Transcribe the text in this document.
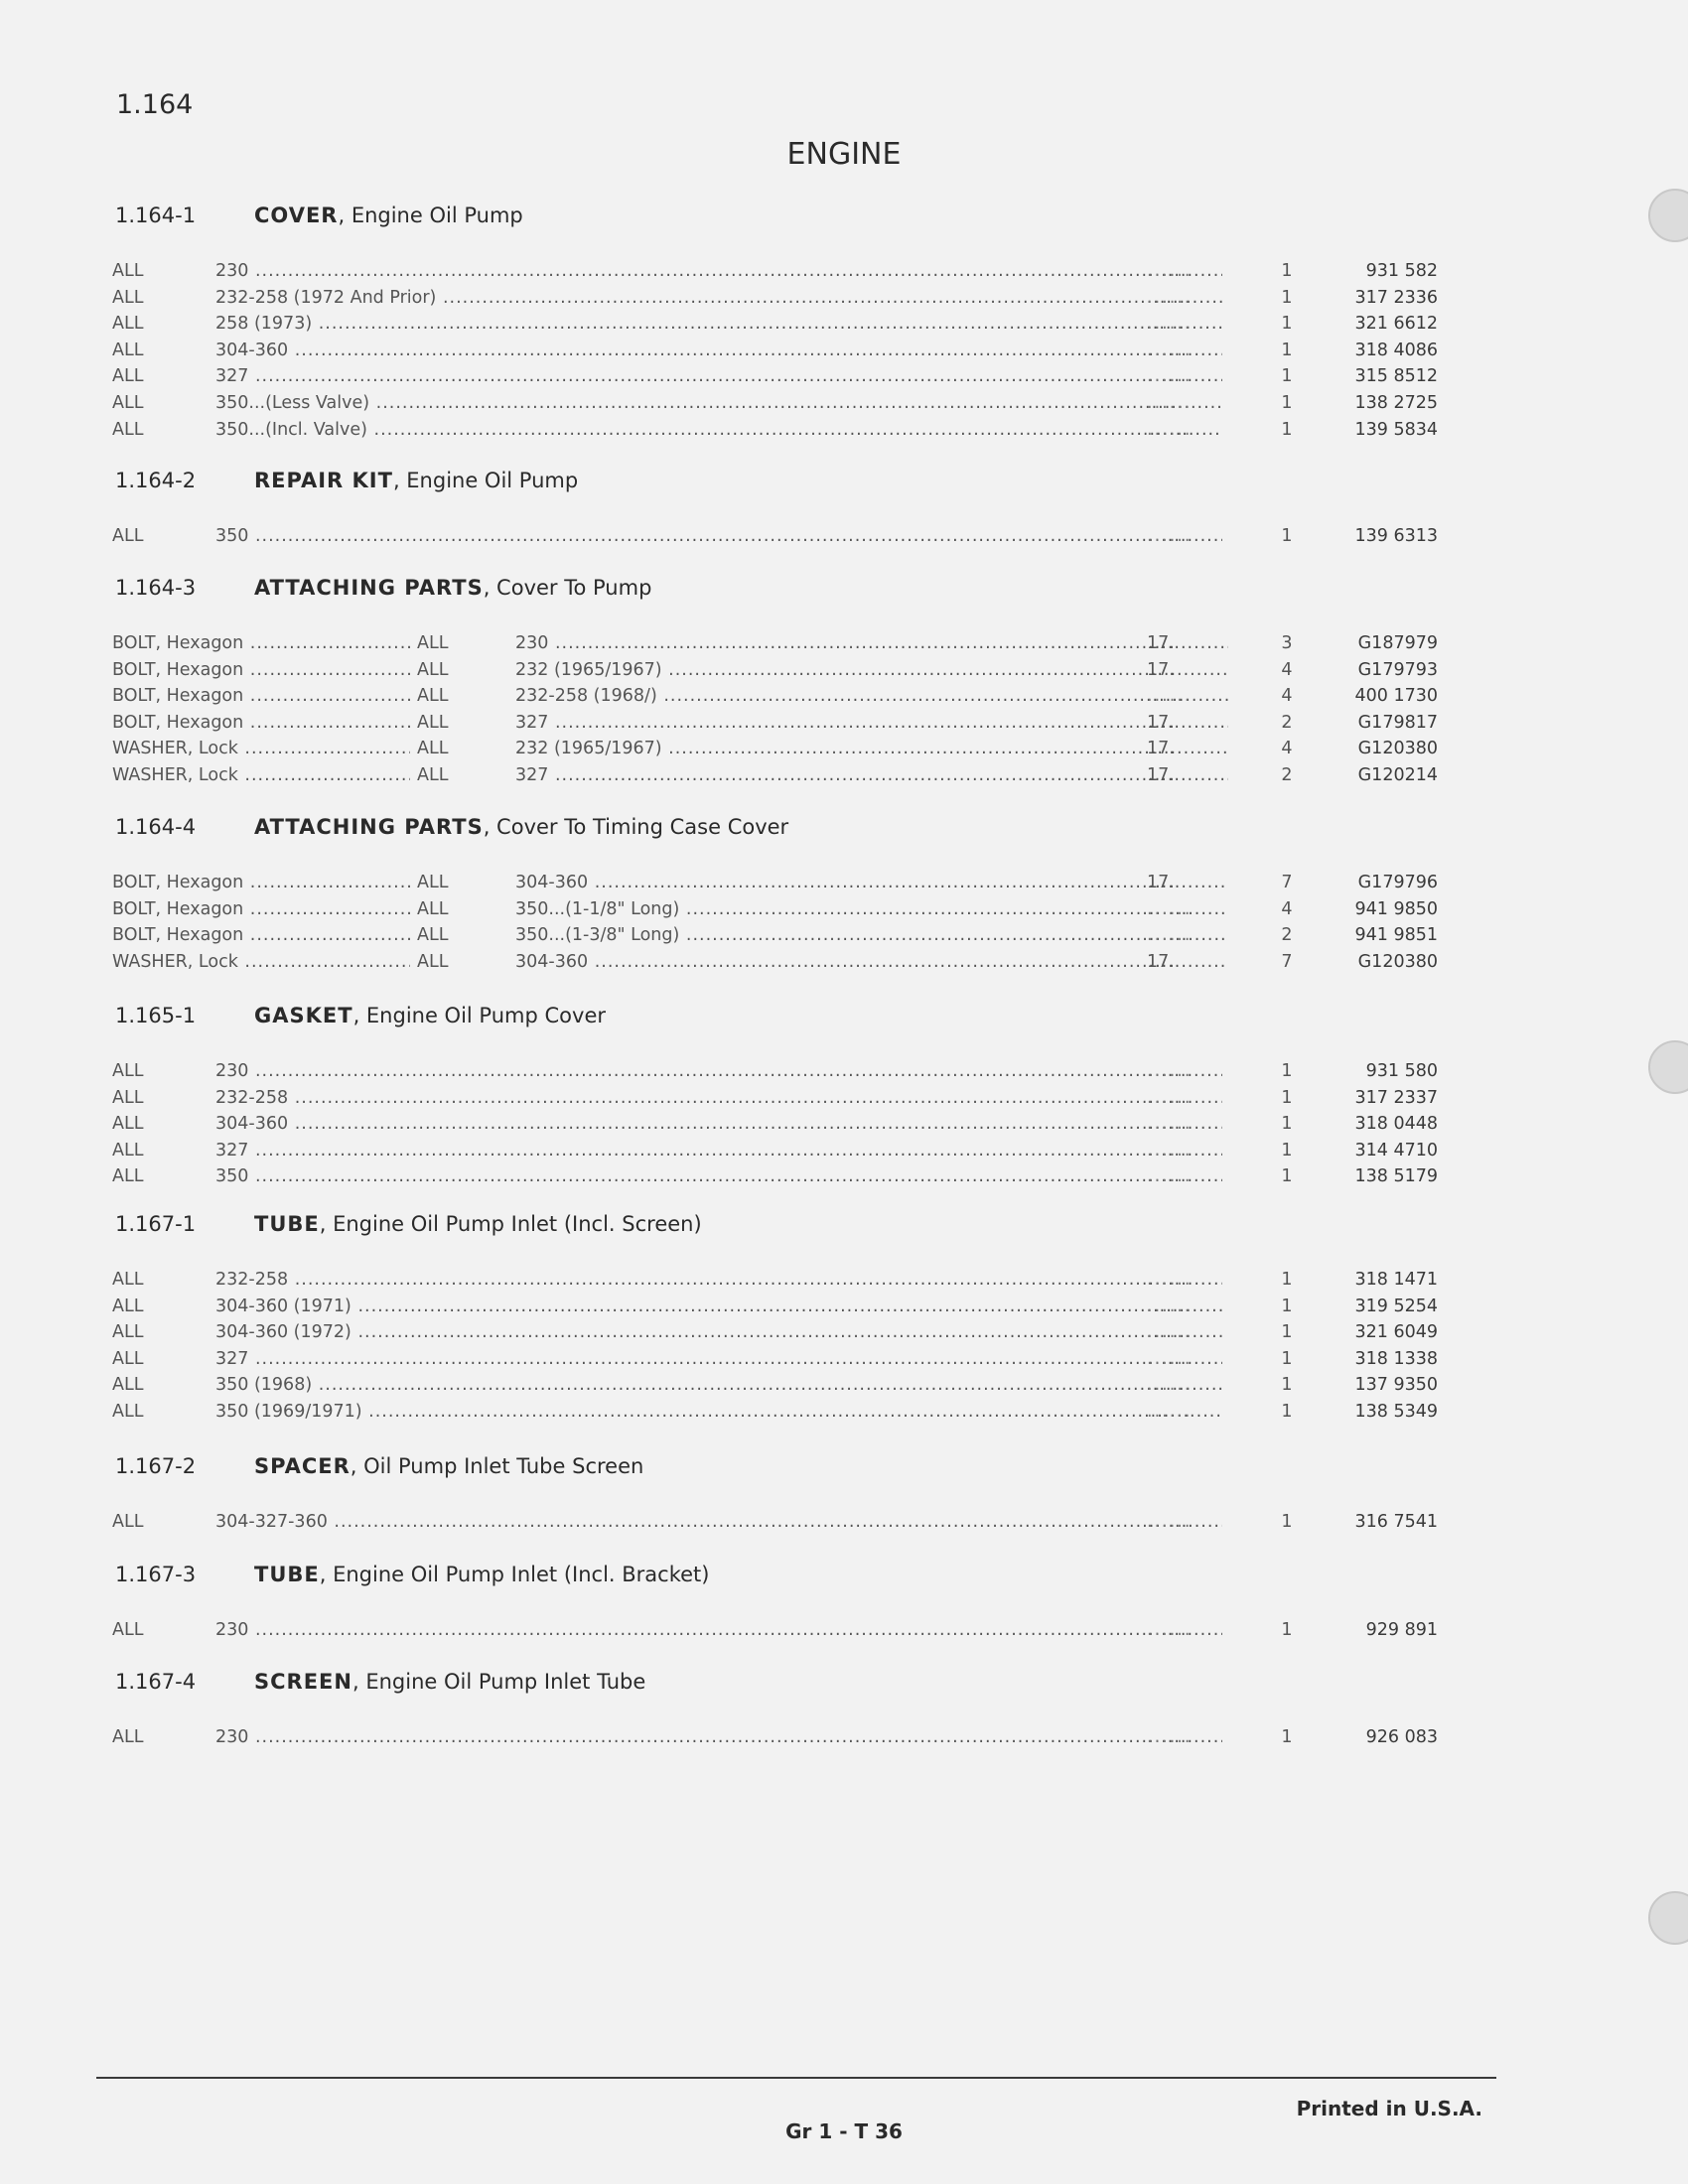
1.164
ENGINE
1.164-1	COVER, Engine Oil Pump
ALL	230 .....	......	1	931 582
ALL	232-258 (1972 And Prior) .....	......	1	317 2336
ALL	258 (1973) .....	......	1	321 6612
ALL	304-360 .....	......	1	318 4086
ALL	327 .....	......	1	315 8512
ALL	350...(Less Valve) .....	......	1	138 2725
ALL	350...(Incl. Valve) .....	......	1	139 5834
1.164-2	REPAIR KIT, Engine Oil Pump
ALL	350 .....	......	1	139 6313
1.164-3	ATTACHING PARTS, Cover To Pump
BOLT, Hexagon .....	ALL	230 .....	17.	3	G187979
BOLT, Hexagon .....	ALL	232 (1965/1967) .....	17.	4	G179793
BOLT, Hexagon .....	ALL	232-258 (1968/) .....	......	4	400 1730
BOLT, Hexagon .....	ALL	327 .....	17.	2	G179817
WASHER, Lock .....	ALL	232 (1965/1967) .....	17.	4	G120380
WASHER, Lock .....	ALL	327 .....	17.	2	G120214
1.164-4	ATTACHING PARTS, Cover To Timing Case Cover
BOLT, Hexagon .....	ALL	304-360 .....	17.	7	G179796
BOLT, Hexagon .....	ALL	350...(1-1/8" Long) .....	......	4	941 9850
BOLT, Hexagon .....	ALL	350...(1-3/8" Long) .....	......	2	941 9851
WASHER, Lock .....	ALL	304-360 .....	17.	7	G120380
1.165-1	GASKET, Engine Oil Pump Cover
ALL	230 .....	......	1	931 580
ALL	232-258 .....	......	1	317 2337
ALL	304-360 .....	......	1	318 0448
ALL	327 .....	......	1	314 4710
ALL	350 .....	......	1	138 5179
1.167-1	TUBE, Engine Oil Pump Inlet (Incl. Screen)
ALL	232-258 .....	......	1	318 1471
ALL	304-360 (1971) .....	......	1	319 5254
ALL	304-360 (1972) .....	......	1	321 6049
ALL	327 .....	......	1	318 1338
ALL	350 (1968) .....	......	1	137 9350
ALL	350 (1969/1971) .....	......	1	138 5349
1.167-2	SPACER, Oil Pump Inlet Tube Screen
ALL	304-327-360 .....	......	1	316 7541
1.167-3	TUBE, Engine Oil Pump Inlet (Incl. Bracket)
ALL	230 .....	......	1	929 891
1.167-4	SCREEN, Engine Oil Pump Inlet Tube
ALL	230 .....	......	1	926 083
Gr 1 - T 36
Printed in U.S.A.
